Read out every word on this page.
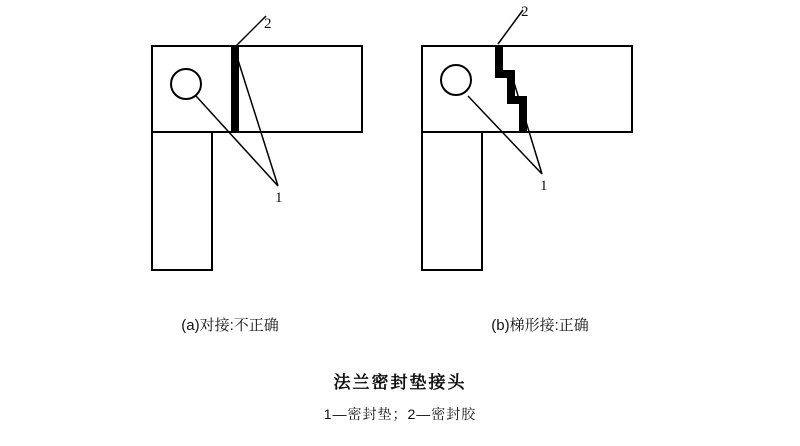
2
1
2
1
(a)对接:不正确	(b)梯形接:正确
法兰密封垫接头
1—密封垫；2—密封胶
